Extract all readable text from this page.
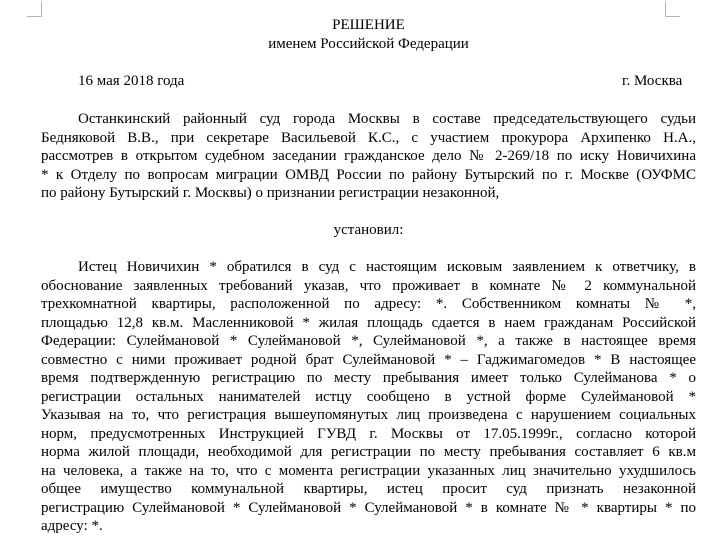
РЕШЕНИЕ
именем Российской Федерации
16 мая 2018 года	г. Москва
Останкинский районный суд города Москвы в составе председательствующего судьи
Бедняковой В.В., при секретаре Васильевой К.С., с участием прокурора Архипенко Н.А.,
рассмотрев в открытом судебном заседании гражданское дело № 2-269/18 по иску Новичихина
* к Отделу по вопросам миграции ОМВД России по району Бутырский по г. Москве (ОУФМС
по району Бутырский г. Москвы) о признании регистрации незаконной,
установил:
Истец Новичихин * обратился в суд с настоящим исковым заявлением к ответчику, в
обоснование заявленных требований указав, что проживает в комнате № 2 коммунальной
трехкомнатной квартиры, расположенной по адресу: *. Собственником комнаты № *,
площадью 12,8 кв.м. Масленниковой * жилая площадь сдается в наем гражданам Российской
Федерации: Сулеймановой * Сулеймановой *, Сулеймановой *, а также в настоящее время
совместно с ними проживает родной брат Сулеймановой * – Гаджимагомедов * В настоящее
время подтвержденную регистрацию по месту пребывания имеет только Сулейманова * о
регистрации остальных нанимателей истцу сообщено в устной форме Сулеймановой *
Указывая на то, что регистрация вышеупомянутых лиц произведена с нарушением социальных
норм, предусмотренных Инструкцией ГУВД г. Москвы от 17.05.1999г., согласно которой
норма жилой площади, необходимой для регистрации по месту пребывания составляет 6 кв.м
на человека, а также на то, что с момента регистрации указанных лиц значительно ухудшилось
общее имущество коммунальной квартиры, истец просит суд признать незаконной
регистрацию Сулеймановой * Сулеймановой * Сулеймановой * в комнате № * квартиры * по
адресу: *.
